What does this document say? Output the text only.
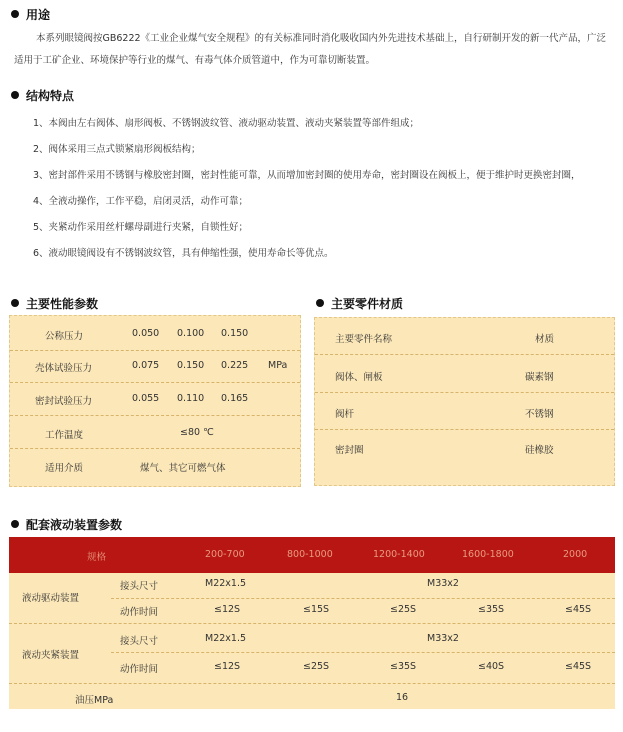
用途
本系列眼镜阀按GB6222《工业企业煤气安全规程》的有关标准同时消化吸收国内外先进技术基础上，自行研制开发的新一代产品，广泛适用于工矿企业、环境保护等行业的煤气、有毒气体介质管道中，作为可靠切断装置。
结构特点
1、本阀由左右阀体、扇形阀板、不锈钢波纹管、液动驱动装置、液动夹紧装置等部件组成；
2、阀体采用三点式锁紧扇形阀板结构；
3、密封部件采用不锈钢与橡胶密封圈，密封性能可靠，从而增加密封圈的使用寿命，密封圈设在阀板上，便于维护时更换密封圈，
4、全液动操作，工作平稳，启闭灵活，动作可靠；
5、夹紧动作采用丝杆螺母副进行夹紧，自锁性好；
6、液动眼镜阀设有不锈钢波纹管，具有伸缩性强，使用寿命长等优点。
主要性能参数
公称压力	0.050 0.100 0.150
壳体试验压力	0.075 0.150 0.225 MPa
密封试验压力	0.055 0.110 0.165
工作温度	≤80 ℃
适用介质	煤气、其它可燃气体
主要零件材质
主要零件名称	材质
阀体、闸板	碳素钢
阀杆	不锈钢
密封圈	硅橡胶
配套液动装置参数
规格	200-700	800-1000	1200-1400	1600-1800	2000
液动驱动装置
接头尺寸	M22x1.5	M33x2
动作时间	≤12S	≤15S	≤25S	≤35S	≤45S
液动夹紧装置
接头尺寸	M22x1.5	M33x2
动作时间	≤12S	≤25S	≤35S	≤40S	≤45S
油压MPa	16
